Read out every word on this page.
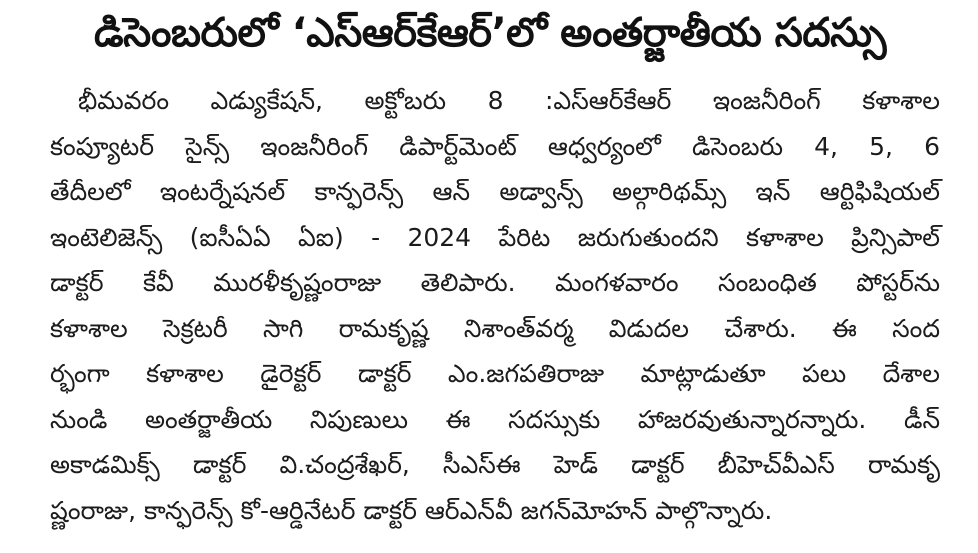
డిసెంబరులో ‘ఎస్ఆర్‌కేఆర్’లో అంతర్జాతీయ సదస్సు
భీమవరం ఎడ్యుకేషన్, అక్టోబరు 8 :ఎస్ఆర్‌కేఆర్ ఇంజనీరింగ్ కళాశాల
కంప్యూటర్ సైన్స్ ఇంజనీరింగ్ డిపార్ట్‌మెంట్ ఆధ్వర్యంలో డిసెంబరు 4, 5, 6
తేదీలలో ఇంటర్నేషనల్ కాన్ఫరెన్స్ ఆన్ అడ్వాన్స్ అల్గారిథమ్స్ ఇన్ ఆర్టిఫిషియల్
ఇంటెలిజెన్స్ (ఐసీఏఏ ఏఐ) - 2024 పేరిట జరుగుతుందని కళాశాల ప్రిన్సిపాల్
డాక్టర్ కేవీ మురళీకృష్ణంరాజు తెలిపారు. మంగళవారం సంబంధిత పోస్టర్‌ను
కళాశాల సెక్రటరీ సాగి రామకృష్ణ నిశాంత్‌వర్మ విడుదల చేశారు. ఈ సంద
ర్భంగా కళాశాల డైరెక్టర్ డాక్టర్ ఎం.జగపతిరాజు మాట్లాడుతూ పలు దేశాల
నుండి అంతర్జాతీయ నిపుణులు ఈ సదస్సుకు హాజరవుతున్నారన్నారు. డీన్
అకాడమిక్స్ డాక్టర్ వి.చంద్రశేఖర్, సీఎస్ఈ హెడ్ డాక్టర్ బీహెచ్‌వీఎస్ రామకృ
ష్ణంరాజు, కాన్ఫరెన్స్ కో-ఆర్డినేటర్ డాక్టర్ ఆర్ఎన్‌వీ జగన్‌మోహన్ పాల్గొన్నారు.
